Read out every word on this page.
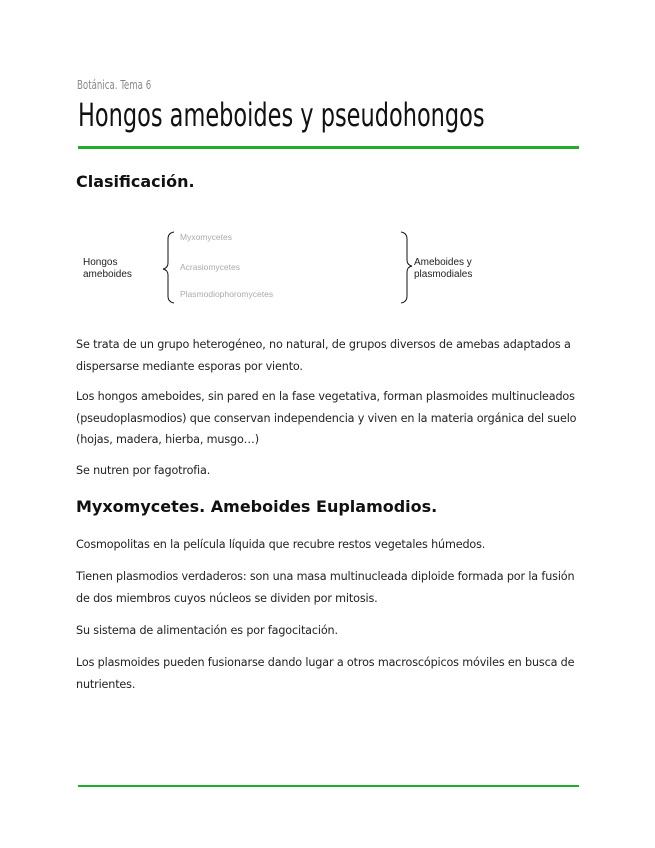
Botánica. Tema 6
Hongos ameboides y pseudohongos
Clasificación.
Hongos
ameboides
Myxomycetes
Acrasiomycetes
Plasmodiophoromycetes
Ameboides y
plasmodiales

Se trata de un grupo heterogéneo, no natural, de grupos diversos de amebas adaptados a dispersarse mediante esporas por viento.

Los hongos ameboides, sin pared en la fase vegetativa, forman plasmoides multinucleados (pseudoplasmodios) que conservan independencia y viven en la materia orgánica del suelo (hojas, madera, hierba, musgo…)

Se nutren por fagotrofia.

Myxomycetes. Ameboides Euplamodios.

Cosmopolitas en la película líquida que recubre restos vegetales húmedos.

Tienen plasmodios verdaderos: son una masa multinucleada diploide formada por la fusión de dos miembros cuyos núcleos se dividen por mitosis.

Su sistema de alimentación es por fagocitación.

Los plasmoides pueden fusionarse dando lugar a otros macroscópicos móviles en busca de nutrientes.
